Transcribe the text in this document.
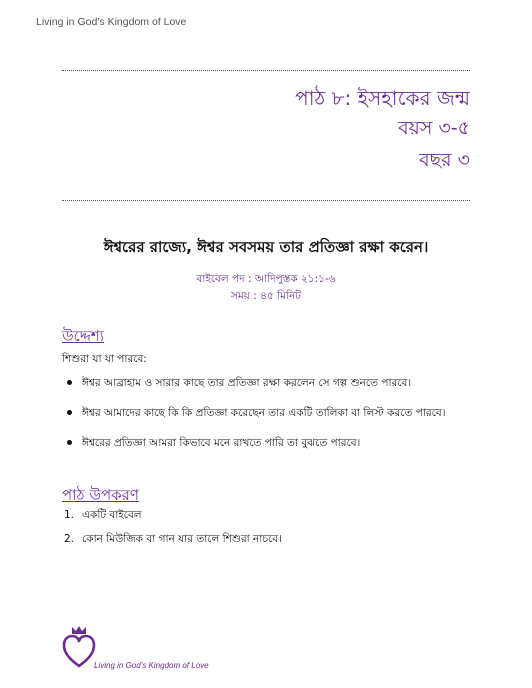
Living in God’s Kingdom of Love
পাঠ ৮: ইসহাকের জন্ম
বয়স ৩-৫
বছর ৩
ঈশ্বরের রাজ্যে, ঈশ্বর সবসময় তার প্রতিজ্ঞা রক্ষা করেন।
বাইবেল পদ : আদিপুস্তক ২১:১-৬
সময় : ৪৫ মিনিট
উদ্দেশ্য
শিশুরা যা যা পারবে:
ঈশ্বর আব্রাহাম ও সারার কাছে তার প্রতিজ্ঞা রক্ষা করলেন সে গল্প শুনতে পারবে।
ঈশ্বর আমাদের কাছে কি কি প্রতিজ্ঞা করেছেন তার একটি তালিকা বা লিস্ট করতে পারবে।
ঈশ্বরের প্রতিজ্ঞা আমরা কিভাবে মনে রাখতে পারি তা বুঝতে পারবে।
পাঠ উপকরণ
1. একটি বাইবেল
2. কোন মিউজিক বা গান যার তালে শিশুরা নাচবে।
Living in God’s Kingdom of Love
